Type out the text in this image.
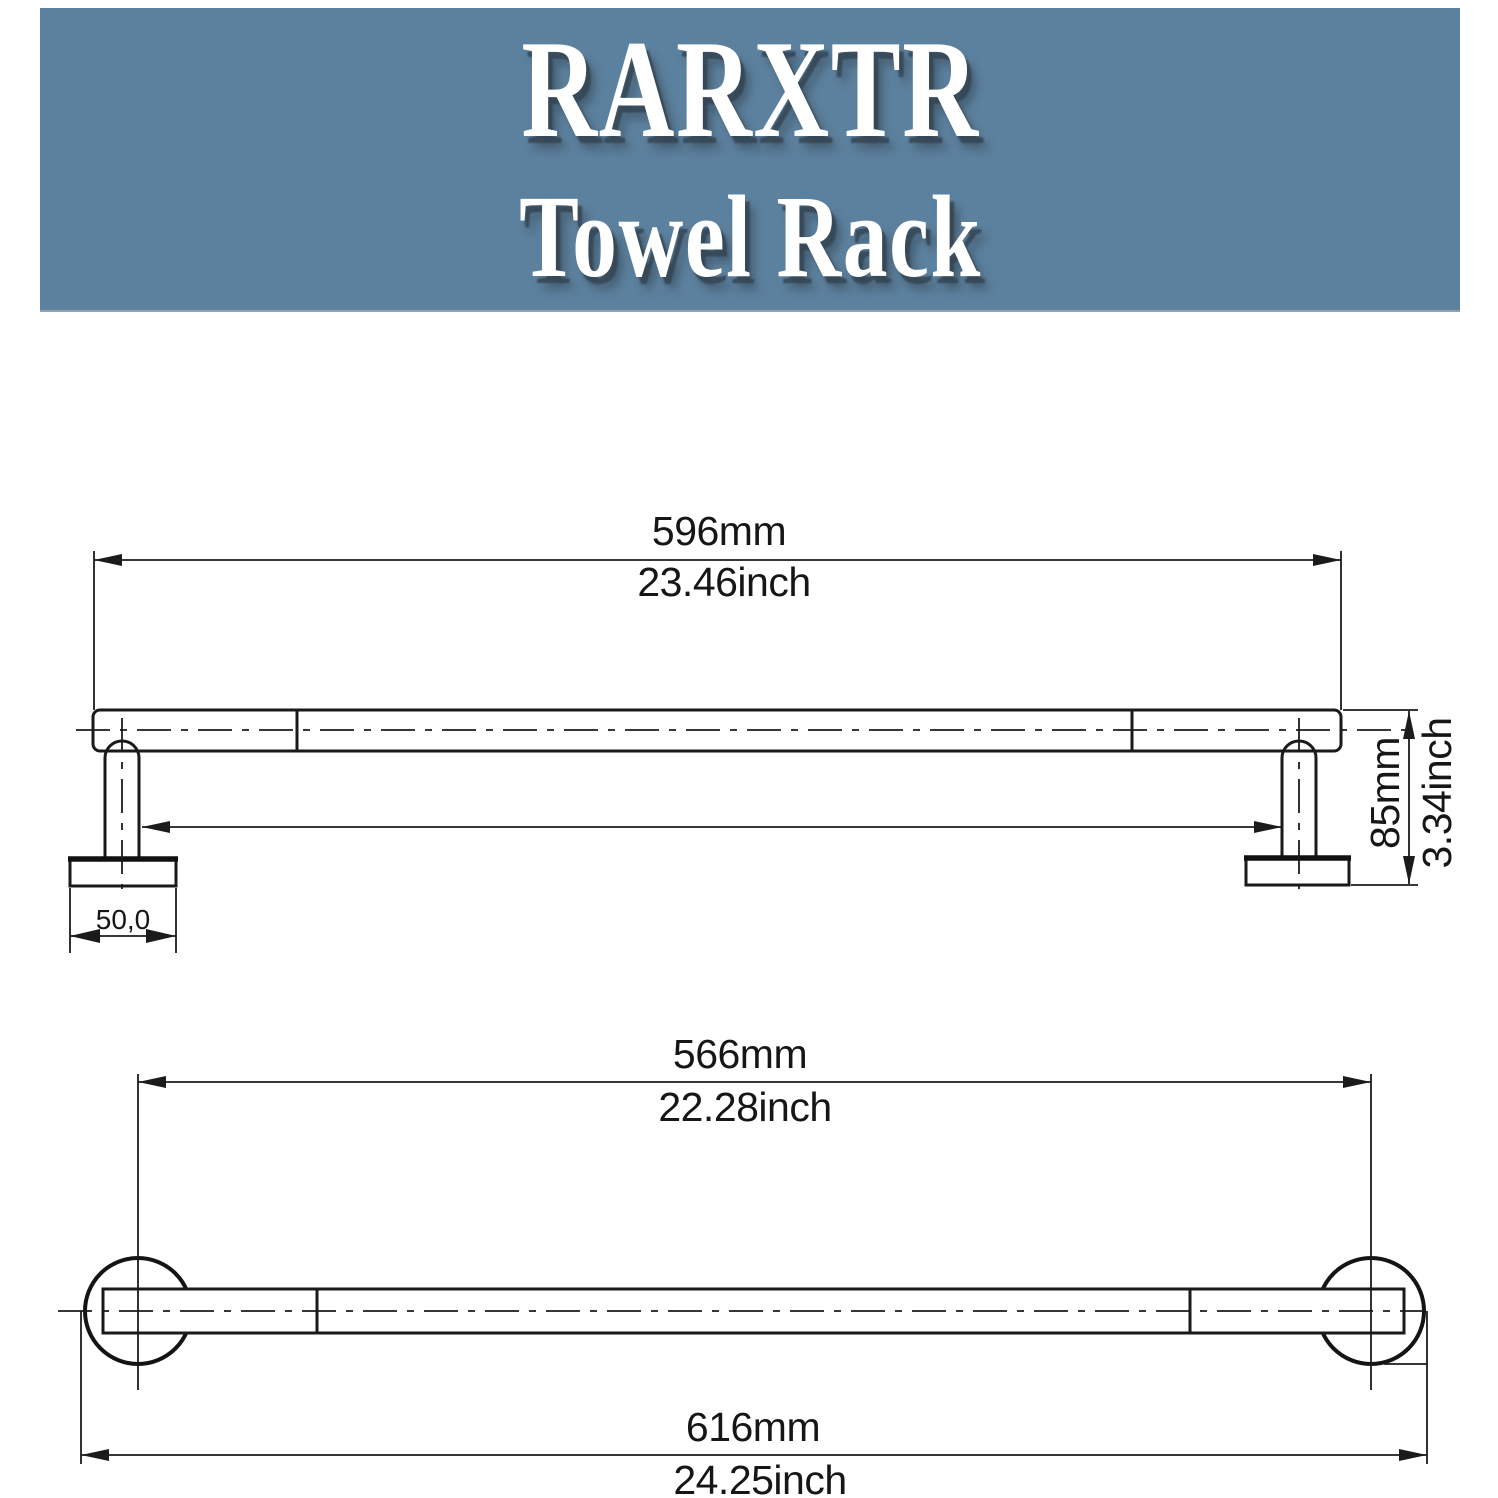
RARXTR
Towel Rack
596mm
23.46inch
85mm 3.34inch
50,0
566mm
22.28inch
616mm
24.25inch
